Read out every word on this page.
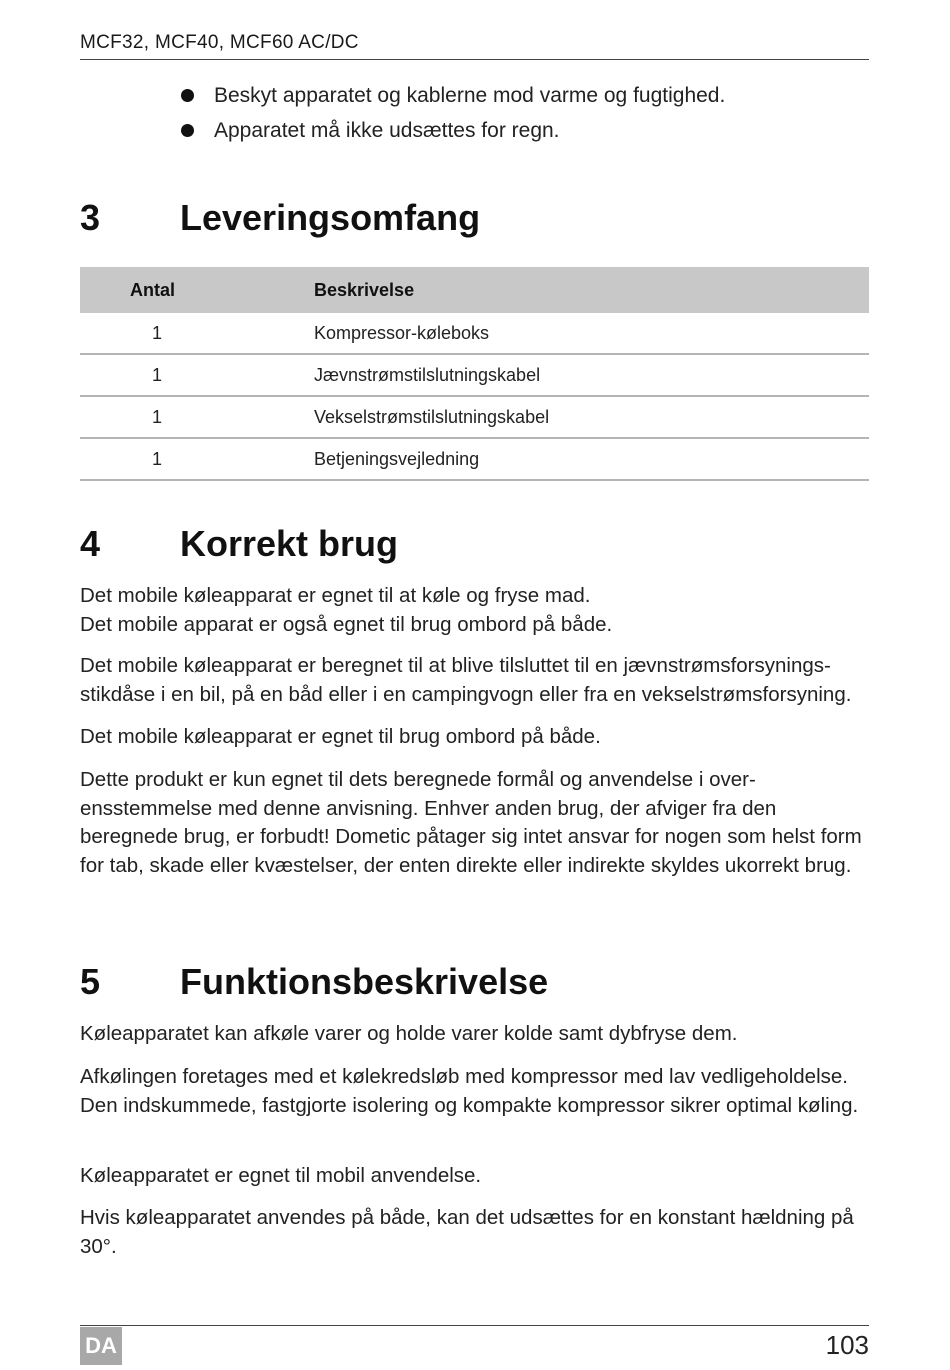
MCF32, MCF40, MCF60 AC/DC
Beskyt apparatet og kablerne mod varme og fugtighed.
Apparatet må ikke udsættes for regn.
3 Leveringsomfang
Antal	Beskrivelse
1	Kompressor-køleboks
1	Jævnstrømstilslutningskabel
1	Vekselstrømstilslutningskabel
1	Betjeningsvejledning
4 Korrekt brug

Det mobile køleapparat er egnet til at køle og fryse mad.

Det mobile apparat er også egnet til brug ombord på både.

Det mobile køleapparat er beregnet til at blive tilsluttet til en jævnstrømsforsyningsstikdåse i en bil, på en båd eller i en campingvogn eller fra en vekselstrømsforsyning.

Det mobile køleapparat er egnet til brug ombord på både.

Dette produkt er kun egnet til dets beregnede formål og anvendelse i overensstemmelse med denne anvisning. Enhver anden brug, der afviger fra den beregnede brug, er forbudt! Dometic påtager sig intet ansvar for nogen som helst form for tab, skade eller kvæstelser, der enten direkte eller indirekte skyldes ukorrekt brug.

5 Funktionsbeskrivelse

Køleapparatet kan afkøle varer og holde varer kolde samt dybfryse dem.

Afkølingen foretages med et kølekredsløb med kompressor med lav vedligeholdelse. Den indskummede, fastgjorte isolering og kompakte kompressor sikrer optimal køling.

Køleapparatet er egnet til mobil anvendelse.

Hvis køleapparatet anvendes på både, kan det udsættes for en konstant hældning på 30°.

DA	103
